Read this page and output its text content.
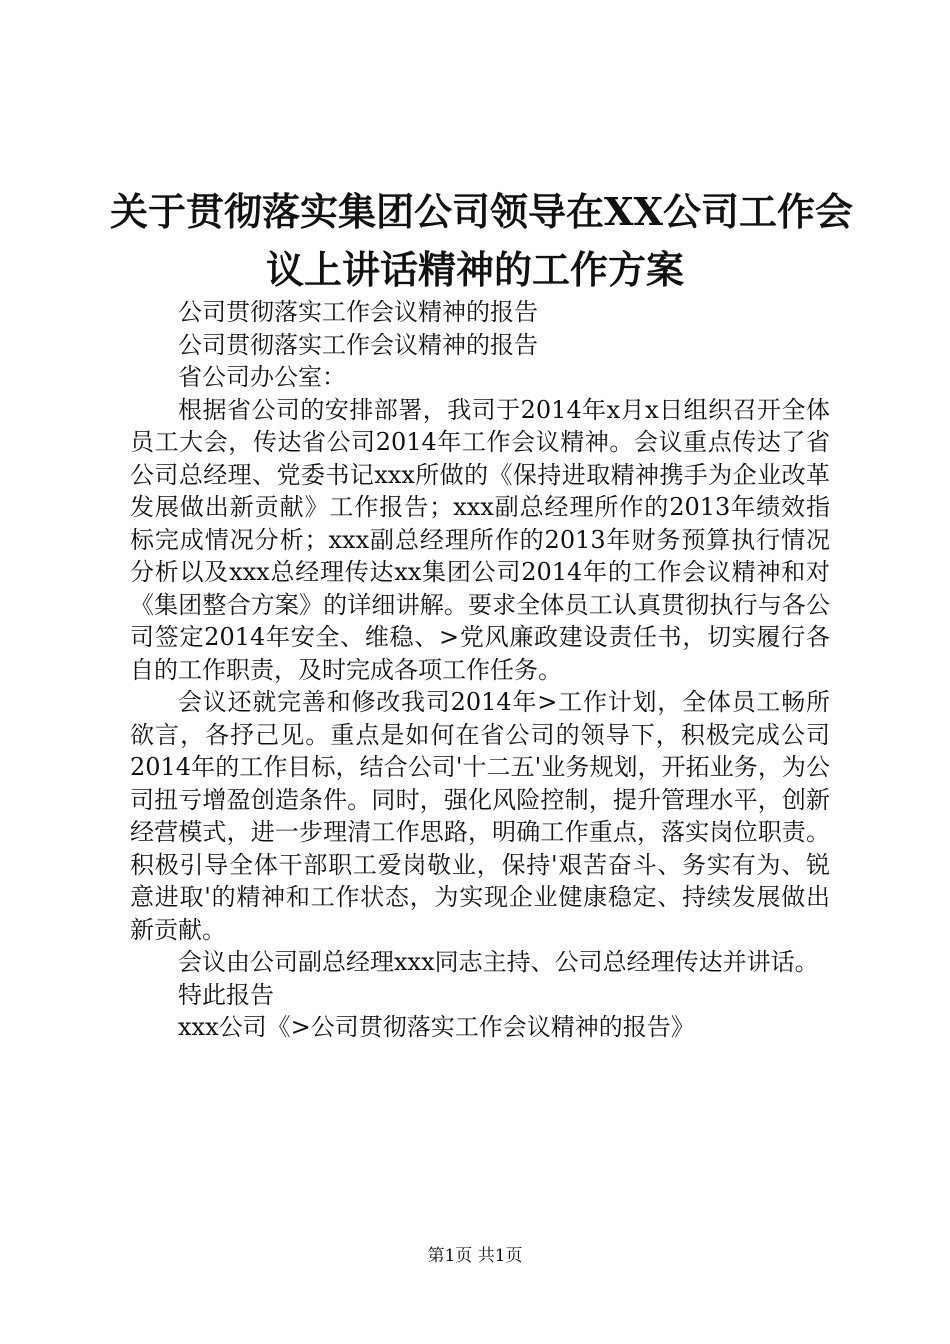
关于贯彻落实集团公司领导在XX公司工作会
议上讲话精神的工作方案

公司贯彻落实工作会议精神的报告

公司贯彻落实工作会议精神的报告

省公司办公室：

根据省公司的安排部署，我司于2014年x月x日组织召开全体员工大会，传达省公司2014年工作会议精神。会议重点传达了省公司总经理、党委书记xxx所做的《保持进取精神携手为企业改革发展做出新贡献》工作报告；xxx副总经理所作的2013年绩效指标完成情况分析；xxx副总经理所作的2013年财务预算执行情况分析以及xxx总经理传达xx集团公司2014年的工作会议精神和对《集团整合方案》的详细讲解。要求全体员工认真贯彻执行与各公司签定2014年安全、维稳、>党风廉政建设责任书，切实履行各自的工作职责，及时完成各项工作任务。

会议还就完善和修改我司2014年>工作计划，全体员工畅所欲言，各抒己见。重点是如何在省公司的领导下，积极完成公司2014年的工作目标，结合公司'十二五'业务规划，开拓业务，为公司扭亏增盈创造条件。同时，强化风险控制，提升管理水平，创新经营模式，进一步理清工作思路，明确工作重点，落实岗位职责。积极引导全体干部职工爱岗敬业，保持'艰苦奋斗、务实有为、锐意进取'的精神和工作状态，为实现企业健康稳定、持续发展做出新贡献。

会议由公司副总经理xxx同志主持、公司总经理传达并讲话。

特此报告

xxx公司《>公司贯彻落实工作会议精神的报告》

第1页 共1页
